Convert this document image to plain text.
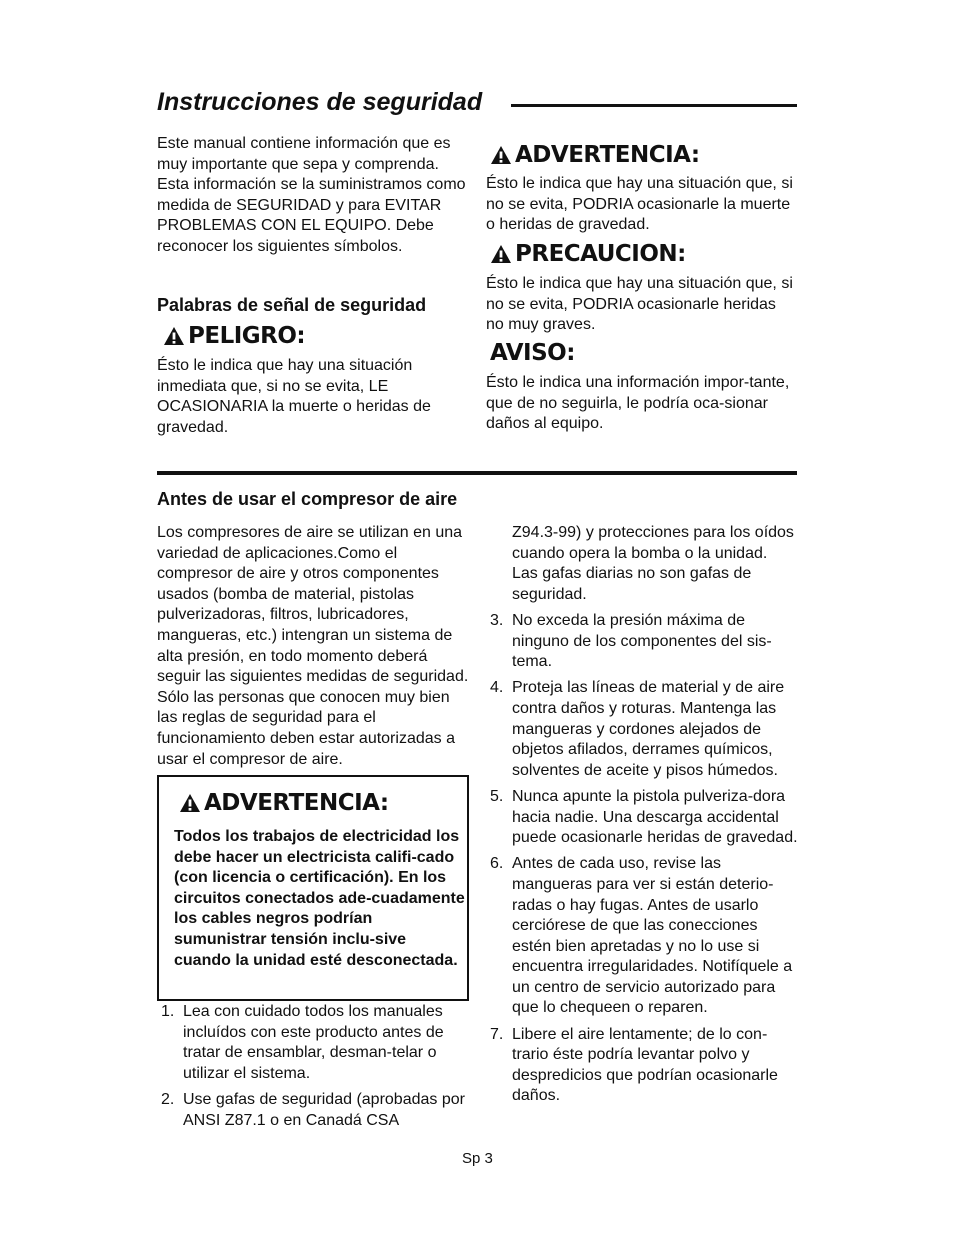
Instrucciones de seguridad

Este manual contiene información que es muy importante que sepa y comprenda. Esta información se la suministramos como medida de SEGURIDAD y para EVITAR PROBLEMAS CON EL EQUIPO. Debe reconocer los siguientes símbolos.

Palabras de señal de seguridad
PELIGRO:
Ésto le indica que hay una situación inmediata que, si no se evita, LE OCASIONARIA la muerte o heridas de gravedad.
ADVERTENCIA:
Ésto le indica que hay una situación que, si no se evita, PODRIA ocasionarle la muerte o heridas de gravedad.
PRECAUCION:
Ésto le indica que hay una situación que, si no se evita, PODRIA ocasionarle heridas no muy graves.
AVISO:
Ésto le indica una información impor-tante, que de no seguirla, le podría oca-sionar daños al equipo.
Antes de usar el compresor de aire
Los compresores de aire se utilizan en una variedad de aplicaciones.Como el compresor de aire y otros componentes usados (bomba de material, pistolas pulverizadoras, filtros, lubricadores, mangueras, etc.) intengran un sistema de alta presión, en todo momento deberá seguir las siguientes medidas de seguridad. Sólo las personas que conocen muy bien las reglas de seguridad para el funcionamiento deben estar autorizadas a usar el compresor de aire.
ADVERTENCIA:
Todos los trabajos de electricidad los debe hacer un electricista califi-cado (con licencia o certificación). En los circuitos conectados ade-cuadamente los cables negros podrían sumunistrar tensión inclu-sive cuando la unidad esté desconectada.
1. Lea con cuidado todos los manuales incluídos con este producto antes de tratar de ensamblar, desman-telar o utilizar el sistema.
2. Use gafas de seguridad (aprobadas por ANSI Z87.1 o en Canadá CSA
Z94.3-99) y protecciones para los oídos cuando opera la bomba o la unidad. Las gafas diarias no son gafas de seguridad.
3. No exceda la presión máxima de ninguno de los componentes del sis-tema.
4. Proteja las líneas de material y de aire contra daños y roturas. Mantenga las mangueras y cordones alejados de objetos afilados, derrames químicos, solventes de aceite y pisos húmedos.
5. Nunca apunte la pistola pulveriza-dora hacia nadie. Una descarga accidental puede ocasionarle heridas de gravedad.
6. Antes de cada uso, revise las mangueras para ver si están deterio-radas o hay fugas. Antes de usarlo cerciórese de que las conecciones estén bien apretadas y no lo use si encuentra irregularidades. Notifíquele a un centro de servicio autorizado para que lo chequeen o reparen.
7. Libere el aire lentamente; de lo con-trario éste podría levantar polvo y despredicios que podrían ocasionarle daños.
Sp 3
